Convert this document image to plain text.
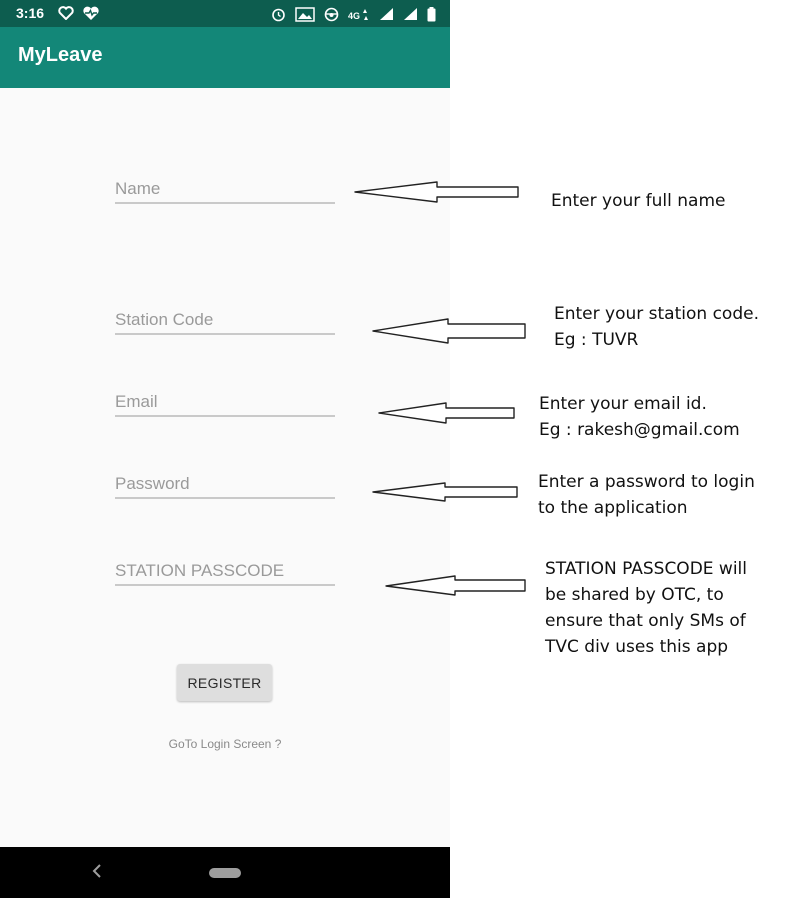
3:16	4G
MyLeave
Name
Station Code
Email
STATION PASSCODE
REGISTER
GoTo Login Screen ?
Enter your full name
Enter your station code.
Eg : TUVR
Enter your email id.
Eg : rakesh@gmail.com
Enter a password to login
to the application
STATION PASSCODE will
be shared by OTC, to
ensure that only SMs of
TVC div uses this app
